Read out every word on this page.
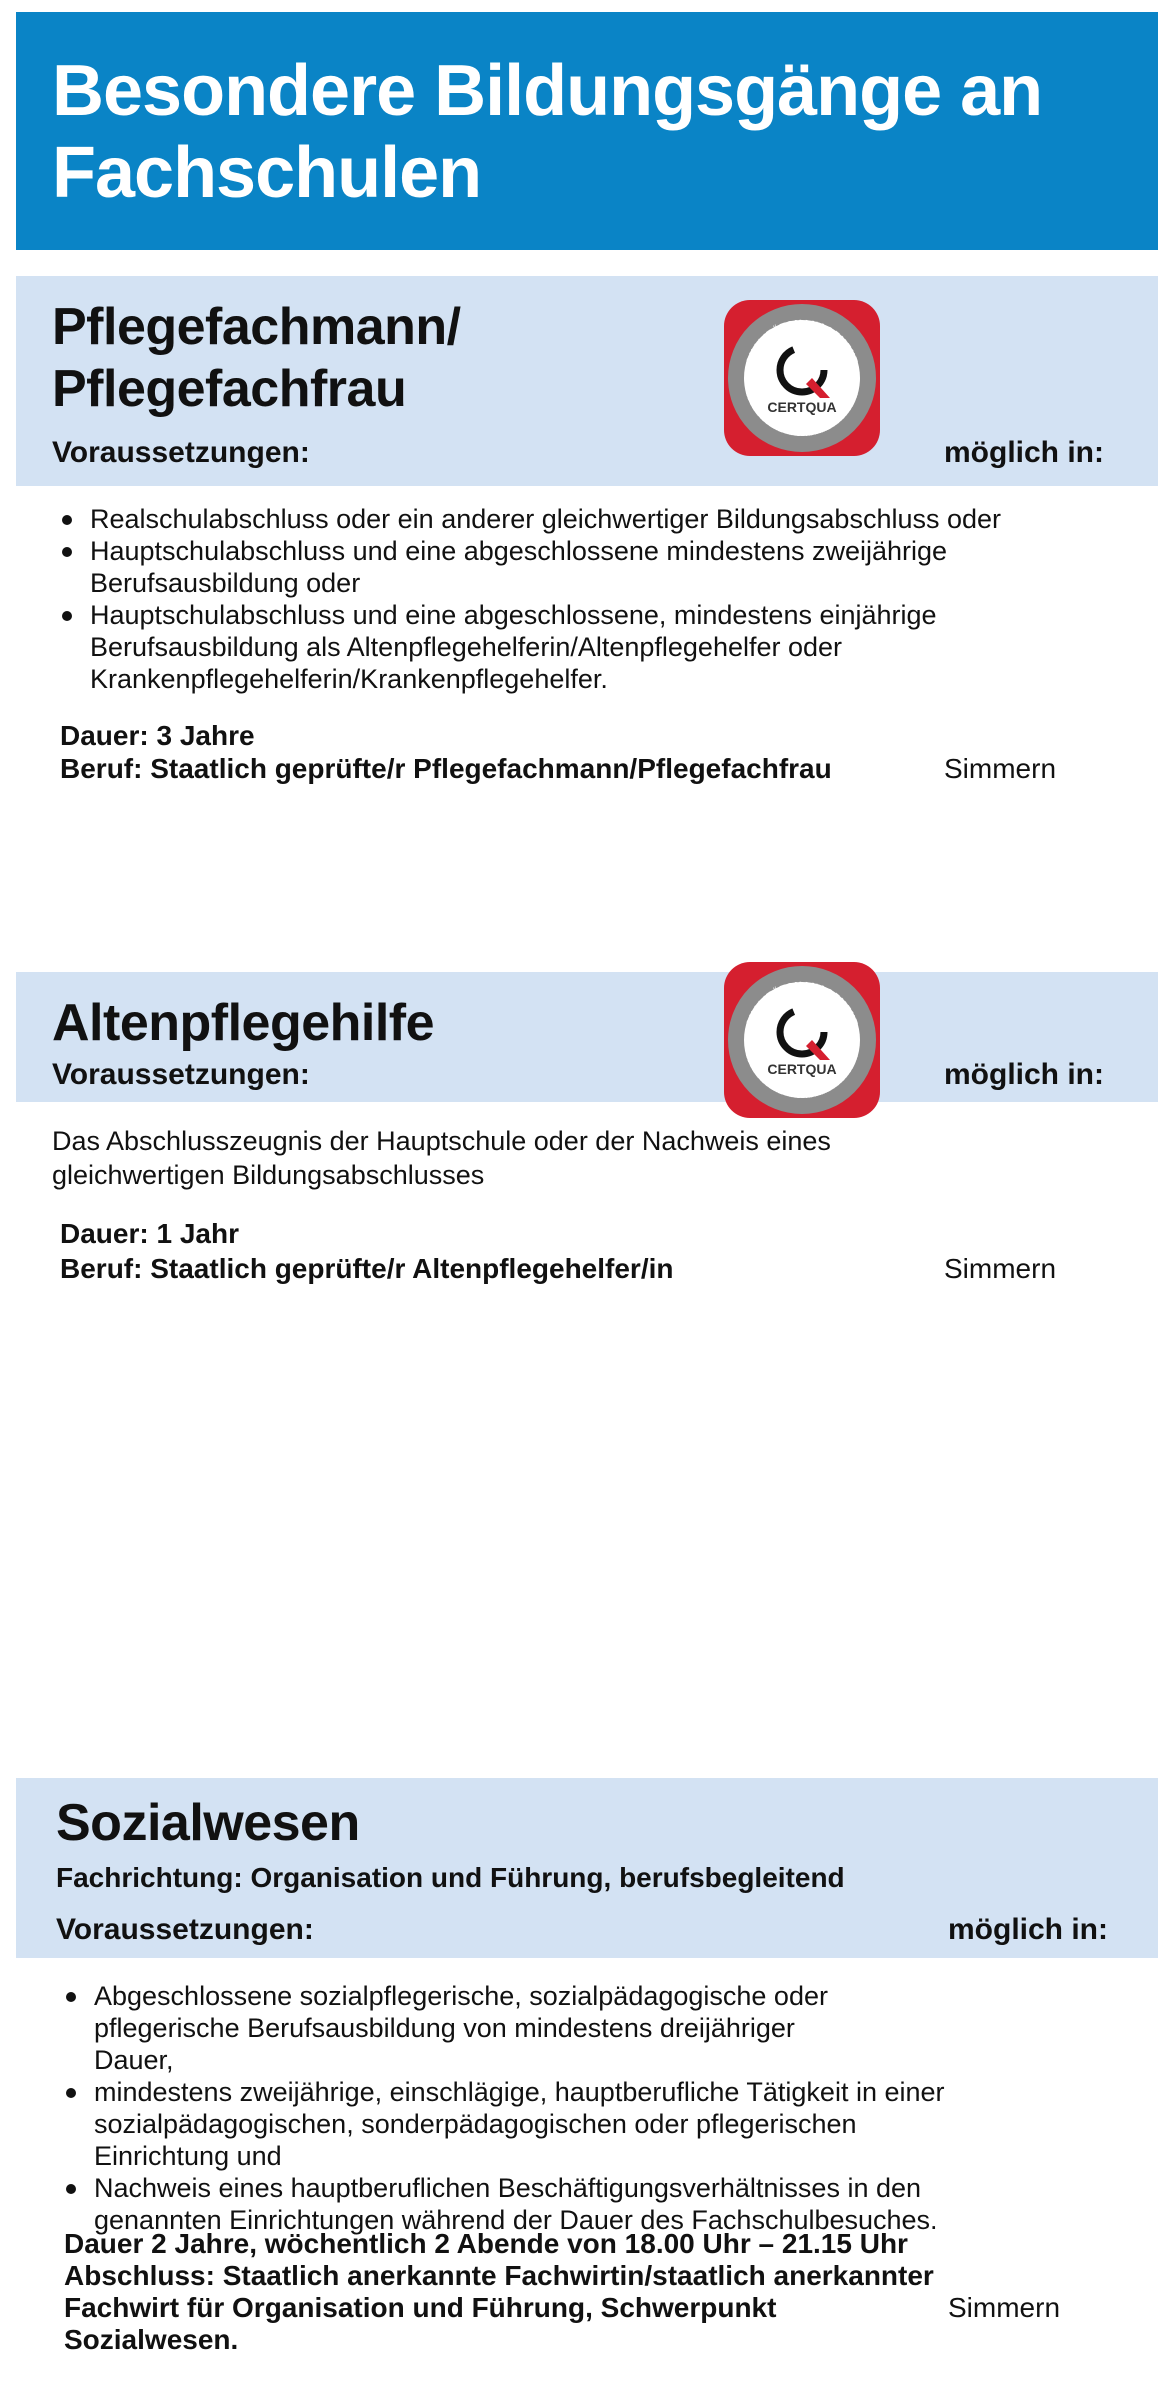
Besondere Bildungsgänge an Fachschulen
Pflegefachmann/ Pflegefachfrau
Voraussetzungen:	möglich in:
QUALITÄTSMANAGEMENT
ZUGELASSENE MASSNAHME NACH AZAV
CERTQUA
Realschulabschluss oder ein anderer gleichwertiger Bildungsabschluss oder
Hauptschulabschluss und eine abgeschlossene mindestens zweijährige Berufsausbildung oder
Hauptschulabschluss und eine abgeschlossene, mindestens einjährige Berufsausbildung als Altenpflegehelferin/Altenpflegehelfer oder Krankenpflegehelferin/Krankenpflegehelfer.
Dauer: 3 Jahre
Beruf: Staatlich geprüfte/r Pflegefachmann/Pflegefachfrau	Simmern
Altenpflegehilfe
Voraussetzungen:	möglich in:
QUALITÄTSMANAGEMENT
ZUGELASSENE MASSNAHME NACH AZAV
CERTQUA

Das Abschlusszeugnis der Hauptschule oder der Nachweis eines gleichwertigen Bildungsabschlusses

Dauer: 1 Jahr
Beruf: Staatlich geprüfte/r Altenpflegehelfer/in	Simmern
Sozialwesen
Fachrichtung: Organisation und Führung, berufsbegleitend
Voraussetzungen:	möglich in:
Abgeschlossene sozialpflegerische, sozialpädagogische oder pflegerische Berufsausbildung von mindestens dreijähriger Dauer,
mindestens zweijährige, einschlägige, hauptberufliche Tätigkeit in einer sozialpädagogischen, sonderpädagogischen oder pflegerischen Einrichtung und
Nachweis eines hauptberuflichen Beschäftigungsverhältnisses in den genannten Einrichtungen während der Dauer des Fachschulbesuches.
Dauer 2 Jahre, wöchentlich 2 Abende von 18.00 Uhr – 21.15 Uhr
Abschluss: Staatlich anerkannte Fachwirtin/staatlich anerkannter Fachwirt für Organisation und Führung, Schwerpunkt Sozialwesen.
Simmern
